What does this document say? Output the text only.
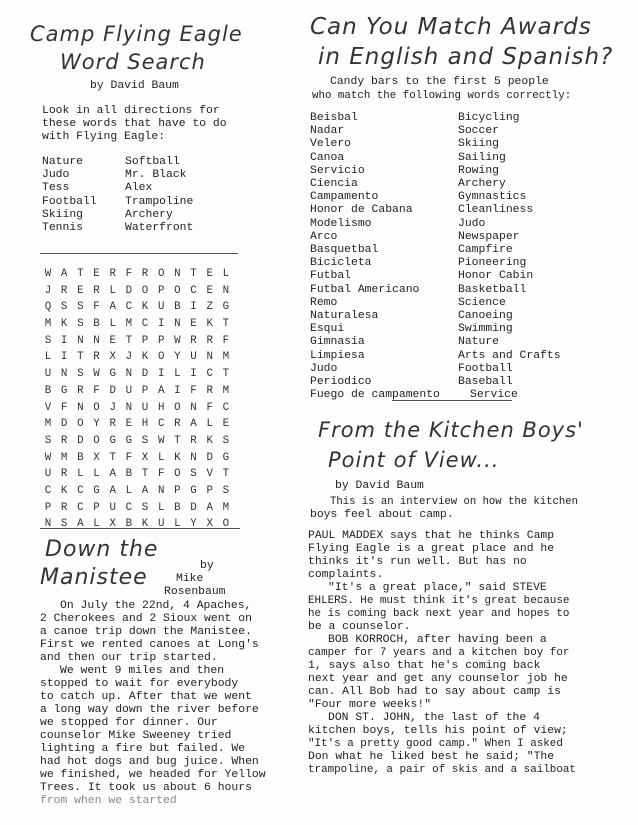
Camp Flying Eagle
Word Search
by David Baum
Look in all directions for
these words that have to do
with Flying Eagle:
Nature
Judo
Tess
Football
Skiing
Tennis
Softball
Mr. Black
Alex
Trampoline
Archery
Waterfront
W A T E R F R O N T E L
J R E R L D O P O C E N
Q S S F A C K U B I Z G
M K S B L M C I N E K T
S I N N E T P P W R R F
L I T R X J K O Y U N M
U N S W G N D I L I C T
B G R F D U P A I F R M
V F N O J N U H O N F C
M D O Y R E H C R A L E
S R D O G G S W T R K S
W M B X T F X L K N D G
U R L L A B T F O S V T
C K C G A L A N P G P S
P R C P U C S L B D A M
N S A L X B K U L Y X O
Down the
Manistee	by
Mike
Rosenbaum
On July the 22nd, 4 Apaches,
2 Cherokees and 2 Sioux went on
a canoe trip down the Manistee.
First we rented canoes at Long's
and then our trip started.
We went 9 miles and then
stopped to wait for everybody
to catch up. After that we went
a long way down the river before
we stopped for dinner. Our
counselor Mike Sweeney tried
lighting a fire but failed. We
had hot dogs and bug juice. When
we finished, we headed for Yellow
Trees. It took us about 6 hours
from when we started
Can You Match Awards
in English and Spanish?
Candy bars to the first 5 people
who match the following words correctly:
Beisbal
Nadar
Velero
Canoa
Servicio
Ciencia
Campamento
Honor de Cabana
Modelismo
Arco
Basquetbal
Bicicleta
Futbal
Futbal Americano
Remo
Naturalesa
Esqui
Gimnasia
Limpiesa
Judo
Periodico
Fuego de campamento
Bicycling
Soccer
Skiing
Sailing
Rowing
Archery
Gymnastics
Cleanliness
Judo
Newspaper
Campfire
Pioneering
Honor Cabin
Basketball
Science
Canoeing
Swimming
Nature
Arts and Crafts
Football
Baseball
Service
From the Kitchen Boys'
Point of View...
by David Baum
This is an interview on how the kitchen
boys feel about camp.
PAUL MADDEX says that he thinks Camp
Flying Eagle is a great place and he
thinks it's run well. But has no
complaints.
"It's a great place," said STEVE
EHLERS. He must think it's great because
he is coming back next year and hopes to
be a counselor.
BOB KORROCH, after having been a
camper for 7 years and a kitchen boy for
1, says also that he's coming back
next year and get any counselor job he
can. All Bob had to say about camp is
"Four more weeks!"
DON ST. JOHN, the last of the 4
kitchen boys, tells his point of view;
"It's a pretty good camp." When I asked
Don what he liked best he said; "The
trampoline, a pair of skis and a sailboat
